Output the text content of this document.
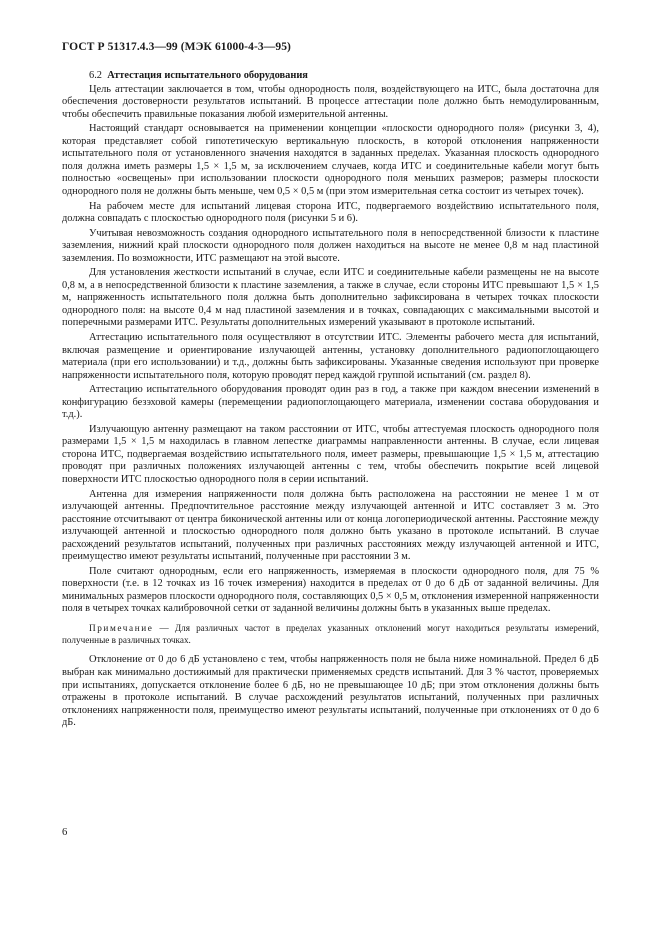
ГОСТ Р 51317.4.3—99 (МЭК 61000-4-3—95)

6.2 Аттестация испытательного оборудования

Цель аттестации заключается в том, чтобы однородность поля, воздействующего на ИТС, была достаточна для обеспечения достоверности результатов испытаний. В процессе аттестации поле должно быть немодулированным, чтобы обеспечить правильные показания любой измерительной антенны.

Настоящий стандарт основывается на применении концепции «плоскости однородного поля» (рисунки 3, 4), которая представляет собой гипотетическую вертикальную плоскость, в которой отклонения напряженности испытательного поля от установленного значения находятся в заданных пределах. Указанная плоскость однородного поля должна иметь размеры 1,5 × 1,5 м, за исключением случаев, когда ИТС и соединительные кабели могут быть полностью «освещены» при использовании плоскости однородного поля меньших размеров; размеры плоскости однородного поля не должны быть меньше, чем 0,5 × 0,5 м (при этом измерительная сетка состоит из четырех точек).

На рабочем месте для испытаний лицевая сторона ИТС, подвергаемого воздействию испытательного поля, должна совпадать с плоскостью однородного поля (рисунки 5 и 6).

Учитывая невозможность создания однородного испытательного поля в непосредственной близости к пластине заземления, нижний край плоскости однородного поля должен находиться на высоте не менее 0,8 м над пластиной заземления. По возможности, ИТС размещают на этой высоте.

Для установления жесткости испытаний в случае, если ИТС и соединительные кабели размещены не на высоте 0,8 м, а в непосредственной близости к пластине заземления, а также в случае, если стороны ИТС превышают 1,5 × 1,5 м, напряженность испытательного поля должна быть дополнительно зафиксирована в четырех точках плоскости однородного поля: на высоте 0,4 м над пластиной заземления и в точках, совпадающих с максимальными высотой и поперечными размерами ИТС. Результаты дополнительных измерений указывают в протоколе испытаний.

Аттестацию испытательного поля осуществляют в отсутствии ИТС. Элементы рабочего места для испытаний, включая размещение и ориентирование излучающей антенны, установку дополнительного радиопоглощающего материала (при его использовании) и т.д., должны быть зафиксированы. Указанные сведения используют при проверке напряженности испытательного поля, которую проводят перед каждой группой испытаний (см. раздел 8).

Аттестацию испытательного оборудования проводят один раз в год, а также при каждом внесении изменений в конфигурацию безэховой камеры (перемещении радиопоглощающего материала, изменении состава оборудования и т.д.).

Излучающую антенну размещают на таком расстоянии от ИТС, чтобы аттестуемая плоскость однородного поля размерами 1,5 × 1,5 м находилась в главном лепестке диаграммы направленности антенны. В случае, если лицевая сторона ИТС, подвергаемая воздействию испытательного поля, имеет размеры, превышающие 1,5 × 1,5 м, аттестацию проводят при различных положениях излучающей антенны с тем, чтобы обеспечить покрытие всей лицевой поверхности ИТС плоскостью однородного поля в серии испытаний.

Антенна для измерения напряженности поля должна быть расположена на расстоянии не менее 1 м от излучающей антенны. Предпочтительное расстояние между излучающей антенной и ИТС составляет 3 м. Это расстояние отсчитывают от центра биконической антенны или от конца логопериодической антенны. Расстояние между излучающей антенной и плоскостью однородного поля должно быть указано в протоколе испытаний. В случае расхождений результатов испытаний, полученных при различных расстояниях между излучающей антенной и ИТС, преимущество имеют результаты испытаний, полученные при расстоянии 3 м.

Поле считают однородным, если его напряженность, измеряемая в плоскости однородного поля, для 75 % поверхности (т.е. в 12 точках из 16 точек измерения) находится в пределах от 0 до 6 дБ от заданной величины. Для минимальных размеров плоскости однородного поля, составляющих 0,5 × 0,5 м, отклонения измеренной напряженности поля в четырех точках калибровочной сетки от заданной величины должны быть в указанных выше пределах.

Примечание — Для различных частот в пределах указанных отклонений могут находиться результаты измерений, полученные в различных точках.

Отклонение от 0 до 6 дБ установлено с тем, чтобы напряженность поля не была ниже номинальной. Предел 6 дБ выбран как минимально достижимый для практически применяемых средств испытаний. Для 3 % частот, проверяемых при испытаниях, допускается отклонение более 6 дБ, но не превышающее 10 дБ; при этом отклонения должны быть отражены в протоколе испытаний. В случае расхождений результатов испытаний, полученных при различных отклонениях напряженности поля, преимущество имеют результаты испытаний, полученные при отклонениях от 0 до 6 дБ.

6
